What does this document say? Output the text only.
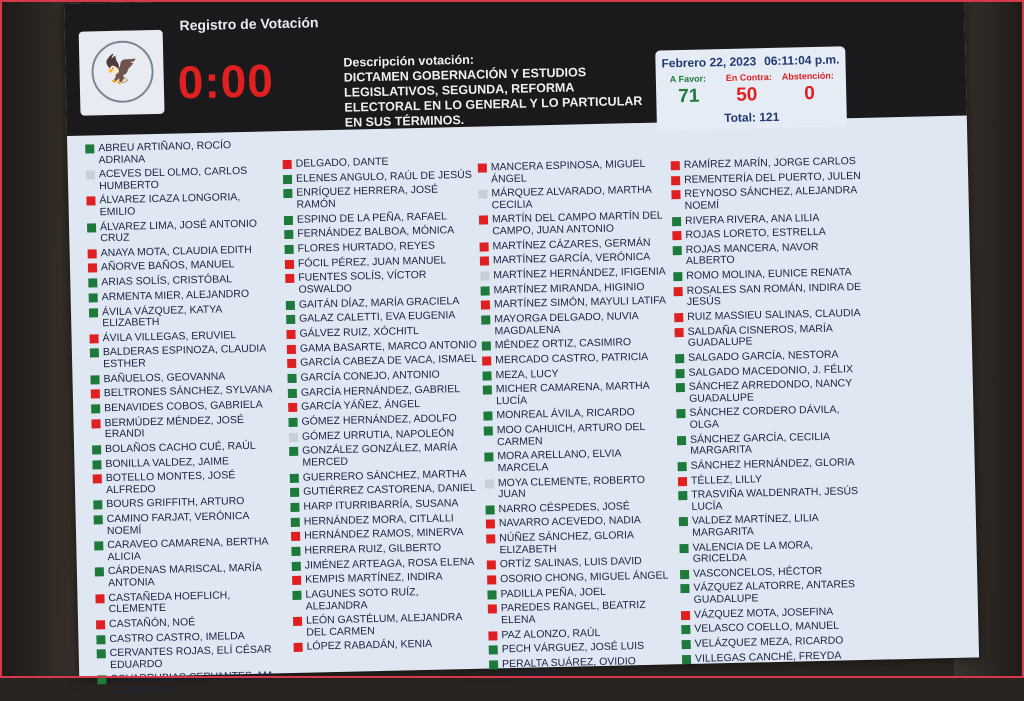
🦅
Registro de Votación
0:00	Descripción votación:
DICTAMEN GOBERNACIÓN Y ESTUDIOS LEGISLATIVOS, SEGUNDA, REFORMA ELECTORAL EN LO GENERAL Y LO PARTICULAR EN SUS TÉRMINOS.
Febrero 22, 2023 06:11:04 p.m.
A Favor: En Contra: Abstención:
71 50 0
Total: 121
ABREU ARTIÑANO, ROCÍO ADRIANA
ACEVES DEL OLMO, CARLOS HUMBERTO
ÁLVAREZ ICAZA LONGORIA, EMILIO
ÁLVAREZ LIMA, JOSÉ ANTONIO CRUZ
ANAYA MOTA, CLAUDIA EDITH
AÑORVE BAÑOS, MANUEL
ARIAS SOLÍS, CRISTÓBAL
ARMENTA MIER, ALEJANDRO
ÁVILA VÁZQUEZ, KATYA ELIZABETH
ÁVILA VILLEGAS, ERUVIEL
BALDERAS ESPINOZA, CLAUDIA ESTHER
BAÑUELOS, GEOVANNA
BELTRONES SÁNCHEZ, SYLVANA
BENAVIDES COBOS, GABRIELA
BERMÚDEZ MÉNDEZ, JOSÉ ERANDI
BOLAÑOS CACHO CUÉ, RAÚL
BONILLA VALDEZ, JAIME
BOTELLO MONTES, JOSÉ ALFREDO
BOURS GRIFFITH, ARTURO
CAMINO FARJAT, VERÓNICA NOEMÍ
CARAVEO CAMARENA, BERTHA ALICIA
CÁRDENAS MARISCAL, MARÍA ANTONIA
CASTAÑEDA HOEFLICH, CLEMENTE
CASTAÑÓN, NOÉ
CASTRO CASTRO, IMELDA
CERVANTES ROJAS, ELÍ CÉSAR EDUARDO
COVARRUBIAS CERVANTES, MA. GUADALUPE
DELGADO, DANTE
ELENES ANGULO, RAÚL DE JESÚS
ENRÍQUEZ HERRERA, JOSÉ RAMÓN
ESPINO DE LA PEÑA, RAFAEL
FERNÁNDEZ BALBOA, MÓNICA
FLORES HURTADO, REYES
FÓCIL PÉREZ, JUAN MANUEL
FUENTES SOLÍS, VÍCTOR OSWALDO
GAITÁN DÍAZ, MARÍA GRACIELA
GALAZ CALETTI, EVA EUGENIA
GÁLVEZ RUIZ, XÓCHITL
GAMA BASARTE, MARCO ANTONIO
GARCÍA CABEZA DE VACA, ISMAEL
GARCÍA CONEJO, ANTONIO
GARCÍA HERNÁNDEZ, GABRIEL
GARCÍA YÁÑEZ, ÁNGEL
GÓMEZ HERNÁNDEZ, ADOLFO
GÓMEZ URRUTIA, NAPOLEÓN
GONZÁLEZ GONZÁLEZ, MARÍA MERCED
GUERRERO SÁNCHEZ, MARTHA
GUTIÉRREZ CASTORENA, DANIEL
HARP ITURRIBARRÍA, SUSANA
HERNÁNDEZ MORA, CITLALLI
HERNÁNDEZ RAMOS, MINERVA
HERRERA RUIZ, GILBERTO
JIMÉNEZ ARTEAGA, ROSA ELENA
KEMPIS MARTÍNEZ, INDIRA
LAGUNES SOTO RUÍZ, ALEJANDRA
LEÓN GASTÉLUM, ALEJANDRA DEL CARMEN
LÓPEZ RABADÁN, KENIA
MANCERA ESPINOSA, MIGUEL ÁNGEL
MÁRQUEZ ALVARADO, MARTHA CECILIA
MARTÍN DEL CAMPO MARTÍN DEL CAMPO, JUAN ANTONIO
MARTÍNEZ CÁZARES, GERMÁN
MARTÍNEZ GARCÍA, VERÓNICA
MARTÍNEZ HERNÁNDEZ, IFIGENIA
MARTÍNEZ MIRANDA, HIGINIO
MARTÍNEZ SIMÓN, MAYULI LATIFA
MAYORGA DELGADO, NUVIA MAGDALENA
MÉNDEZ ORTIZ, CASIMIRO
MERCADO CASTRO, PATRICIA
MEZA, LUCY
MICHER CAMARENA, MARTHA LUCÍA
MONREAL ÁVILA, RICARDO
MOO CAHUICH, ARTURO DEL CARMEN
MORA ARELLANO, ELVIA MARCELA
MOYA CLEMENTE, ROBERTO JUAN
NARRO CÉSPEDES, JOSÉ
NAVARRO ACEVEDO, NADIA
NÚÑEZ SÁNCHEZ, GLORIA ELIZABETH
ORTÍZ SALINAS, LUIS DAVID
OSORIO CHONG, MIGUEL ÁNGEL
PADILLA PEÑA, JOEL
PAREDES RANGEL, BEATRIZ ELENA
PAZ ALONZO, RAÚL
PECH VÁRGUEZ, JOSÉ LUIS
PERALTA SUÁREZ, OVIDIO SALVADOR
RAMÍREZ MARÍN, JORGE CARLOS
REMENTERÍA DEL PUERTO, JULEN
REYNOSO SÁNCHEZ, ALEJANDRA NOEMÍ
RIVERA RIVERA, ANA LILIA
ROJAS LORETO, ESTRELLA
ROJAS MANCERA, NAVOR ALBERTO
ROMO MOLINA, EUNICE RENATA
ROSALES SAN ROMÁN, INDIRA DE JESÚS
RUIZ MASSIEU SALINAS, CLAUDIA
SALDAÑA CISNEROS, MARÍA GUADALUPE
SALGADO GARCÍA, NESTORA
SALGADO MACEDONIO, J. FÉLIX
SÁNCHEZ ARREDONDO, NANCY GUADALUPE
SÁNCHEZ CORDERO DÁVILA, OLGA
SÁNCHEZ GARCÍA, CECILIA MARGARITA
SÁNCHEZ HERNÁNDEZ, GLORIA
TÉLLEZ, LILLY
TRASVIÑA WALDENRATH, JESÚS LUCÍA
VALDEZ MARTÍNEZ, LILIA MARGARITA
VALENCIA DE LA MORA, GRICELDA
VASCONCELOS, HÉCTOR
VÁZQUEZ ALATORRE, ANTARES GUADALUPE
VÁZQUEZ MOTA, JOSEFINA
VELASCO COELLO, MANUEL
VELÁZQUEZ MEZA, RICARDO
VILLEGAS CANCHÉ, FREYDA
